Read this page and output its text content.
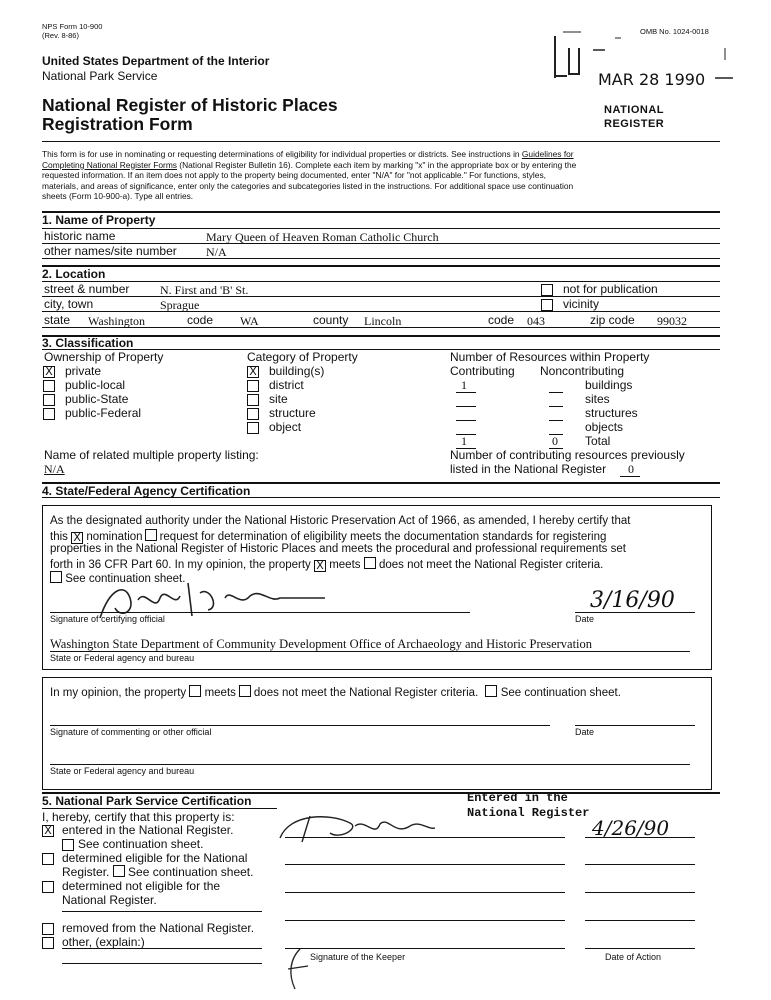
NPS Form 10-900
(Rev. 8-86)	OMB No. 1024-0018
United States Department of the Interior
National Park Service
National Register of Historic Places
Registration Form
MAR 28 1990
NATIONAL
REGISTER
This form is for use in nominating or requesting determinations of eligibility for individual properties or districts. See instructions in Guidelines for
Completing National Register Forms (National Register Bulletin 16). Complete each item by marking "x" in the appropriate box or by entering the
requested information. If an item does not apply to the property being documented, enter "N/A" for "not applicable." For functions, styles,
materials, and areas of significance, enter only the categories and subcategories listed in the instructions. For additional space use continuation
sheets (Form 10-900-a). Type all entries.
1. Name of Property
historic name	Mary Queen of Heaven Roman Catholic Church
other names/site number N/A
2. Location
street & number	N. First and 'B' St.	not for publication
city, town	Sprague	vicinity
state Washington	code WA	county Lincoln	code 043	zip code 99032
3. Classification
Ownership of Property
X private
public-local
public-State
public-Federal
Category of Property
X building(s)
district
site
structure
object
Number of Resources within Property
Contributing Noncontributing
1	buildings
sites
structures
objects
1	0 Total
Name of related multiple property listing:
N/A
Number of contributing resources previously
listed in the National Register 0
4. State/Federal Agency Certification
As the designated authority under the National Historic Preservation Act of 1966, as amended, I hereby certify that
this X nomination request for determination of eligibility meets the documentation standards for registering
properties in the National Register of Historic Places and meets the procedural and professional requirements set
forth in 36 CFR Part 60. In my opinion, the property X meets does not meet the National Register criteria.
See continuation sheet.
Signature of certifying official
3/16/90
Date
Washington State Department of Community Development Office of Archaeology and Historic Preservation
State or Federal agency and bureau
In my opinion, the property meets does not meet the National Register criteria. See continuation sheet.
Signature of commenting or other official	Date
State or Federal agency and bureau
5. National Park Service Certification	Entered in the
National Register
I, hereby, certify that this property is:
X entered in the National Register.
See continuation sheet.
determined eligible for the National
Register. See continuation sheet.
determined not eligible for the
National Register.
removed from the National Register.
other, (explain:)
4/26/90
Signature of the Keeper	Date of Action
